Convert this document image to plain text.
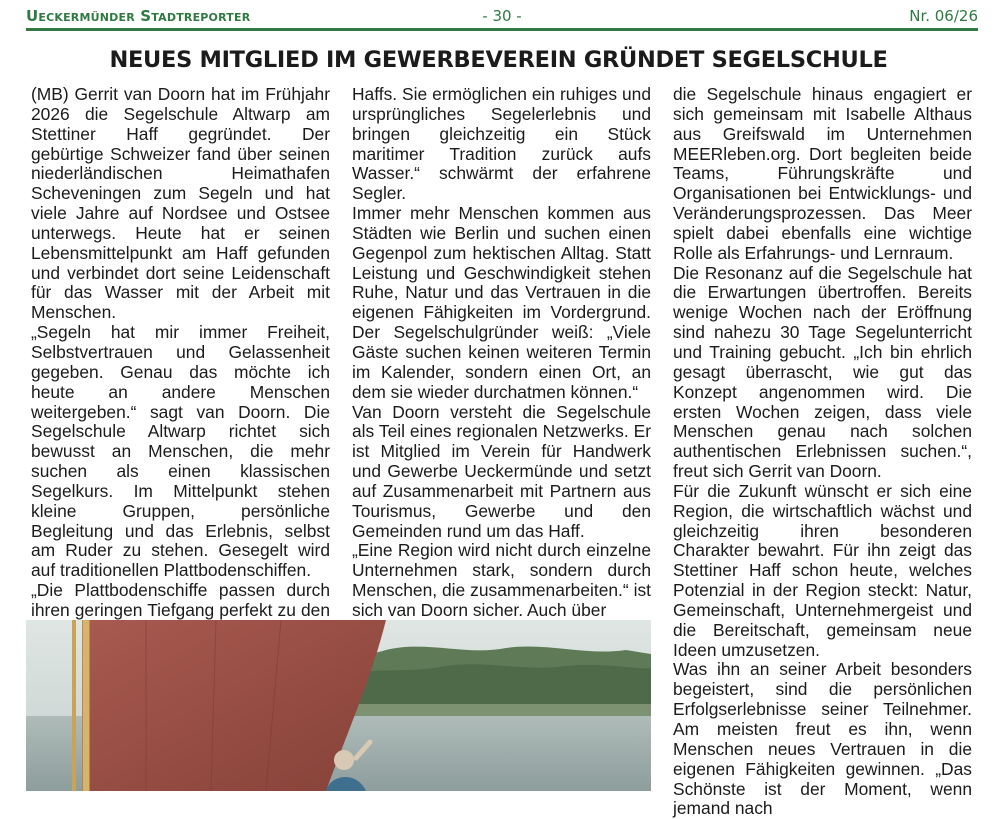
Ueckermünder Stadtreporter	- 30 -	Nr. 06/26
NEUES MITGLIED IM GEWERBEVEREIN GRÜNDET SEGELSCHULE

(MB) Gerrit van Doorn hat im Frühjahr 2026 die Segelschule Altwarp am Stettiner Haff gegründet. Der gebürtige Schweizer fand über seinen niederländischen Heimathafen Scheveningen zum Segeln und hat viele Jahre auf Nordsee und Ostsee unterwegs. Heute hat er seinen Lebensmittelpunkt am Haff gefunden und verbindet dort seine Leidenschaft für das Wasser mit der Arbeit mit Menschen.

„Segeln hat mir immer Freiheit, Selbstvertrauen und Gelassenheit gegeben. Genau das möchte ich heute an andere Menschen weitergeben.“ sagt van Doorn. Die Segelschule Altwarp richtet sich bewusst an Menschen, die mehr suchen als einen klassischen Segelkurs. Im Mittelpunkt stehen kleine Gruppen, persönliche Begleitung und das Erlebnis, selbst am Ruder zu stehen. Gesegelt wird auf traditionellen Plattbodenschiffen.

„Die Plattbodenschiffe passen durch ihren geringen Tiefgang perfekt zu den

Haffs. Sie ermöglichen ein ruhiges und ursprüngliches Segelerlebnis und bringen gleichzeitig ein Stück maritimer Tradition zurück aufs Wasser.“ schwärmt der erfahrene Segler.

Immer mehr Menschen kommen aus Städten wie Berlin und suchen einen Gegenpol zum hektischen Alltag. Statt Leistung und Geschwindigkeit stehen Ruhe, Natur und das Vertrauen in die eigenen Fähigkeiten im Vordergrund. Der Segelschulgründer weiß: „Viele Gäste suchen keinen weiteren Termin im Kalender, sondern einen Ort, an dem sie wieder durchatmen können.“

Van Doorn versteht die Segelschule als Teil eines regionalen Netzwerks. Er ist Mitglied im Verein für Handwerk und Gewerbe Ueckermünde und setzt auf Zusammenarbeit mit Partnern aus Tourismus, Gewerbe und den Gemeinden rund um das Haff.

„Eine Region wird nicht durch einzelne Unternehmen stark, sondern durch Menschen, die zusammenarbeiten.“ ist sich van Doorn sicher. Auch über

die Segelschule hinaus engagiert er sich gemeinsam mit Isabelle Althaus aus Greifswald im Unternehmen MEERleben.org. Dort begleiten beide Teams, Führungskräfte und Organisationen bei Entwicklungs- und Veränderungsprozessen. Das Meer spielt dabei ebenfalls eine wichtige Rolle als Erfahrungs- und Lernraum.

Die Resonanz auf die Segelschule hat die Erwartungen übertroffen. Bereits wenige Wochen nach der Eröffnung sind nahezu 30 Tage Segelunterricht und Training gebucht. „Ich bin ehrlich gesagt überrascht, wie gut das Konzept angenommen wird. Die ersten Wochen zeigen, dass viele Menschen genau nach solchen authentischen Erlebnissen suchen.“, freut sich Gerrit van Doorn.

Für die Zukunft wünscht er sich eine Region, die wirtschaftlich wächst und gleichzeitig ihren besonderen Charakter bewahrt. Für ihn zeigt das Stettiner Haff schon heute, welches Potenzial in der Region steckt: Natur, Gemeinschaft, Unternehmergeist und die Bereitschaft, gemeinsam neue Ideen umzusetzen.

Was ihn an seiner Arbeit besonders begeistert, sind die persönlichen Erfolgserlebnisse seiner Teilnehmer. Am meisten freut es ihn, wenn Menschen neues Vertrauen in die eigenen Fähigkeiten gewinnen. „Das Schönste ist der Moment, wenn jemand nach
